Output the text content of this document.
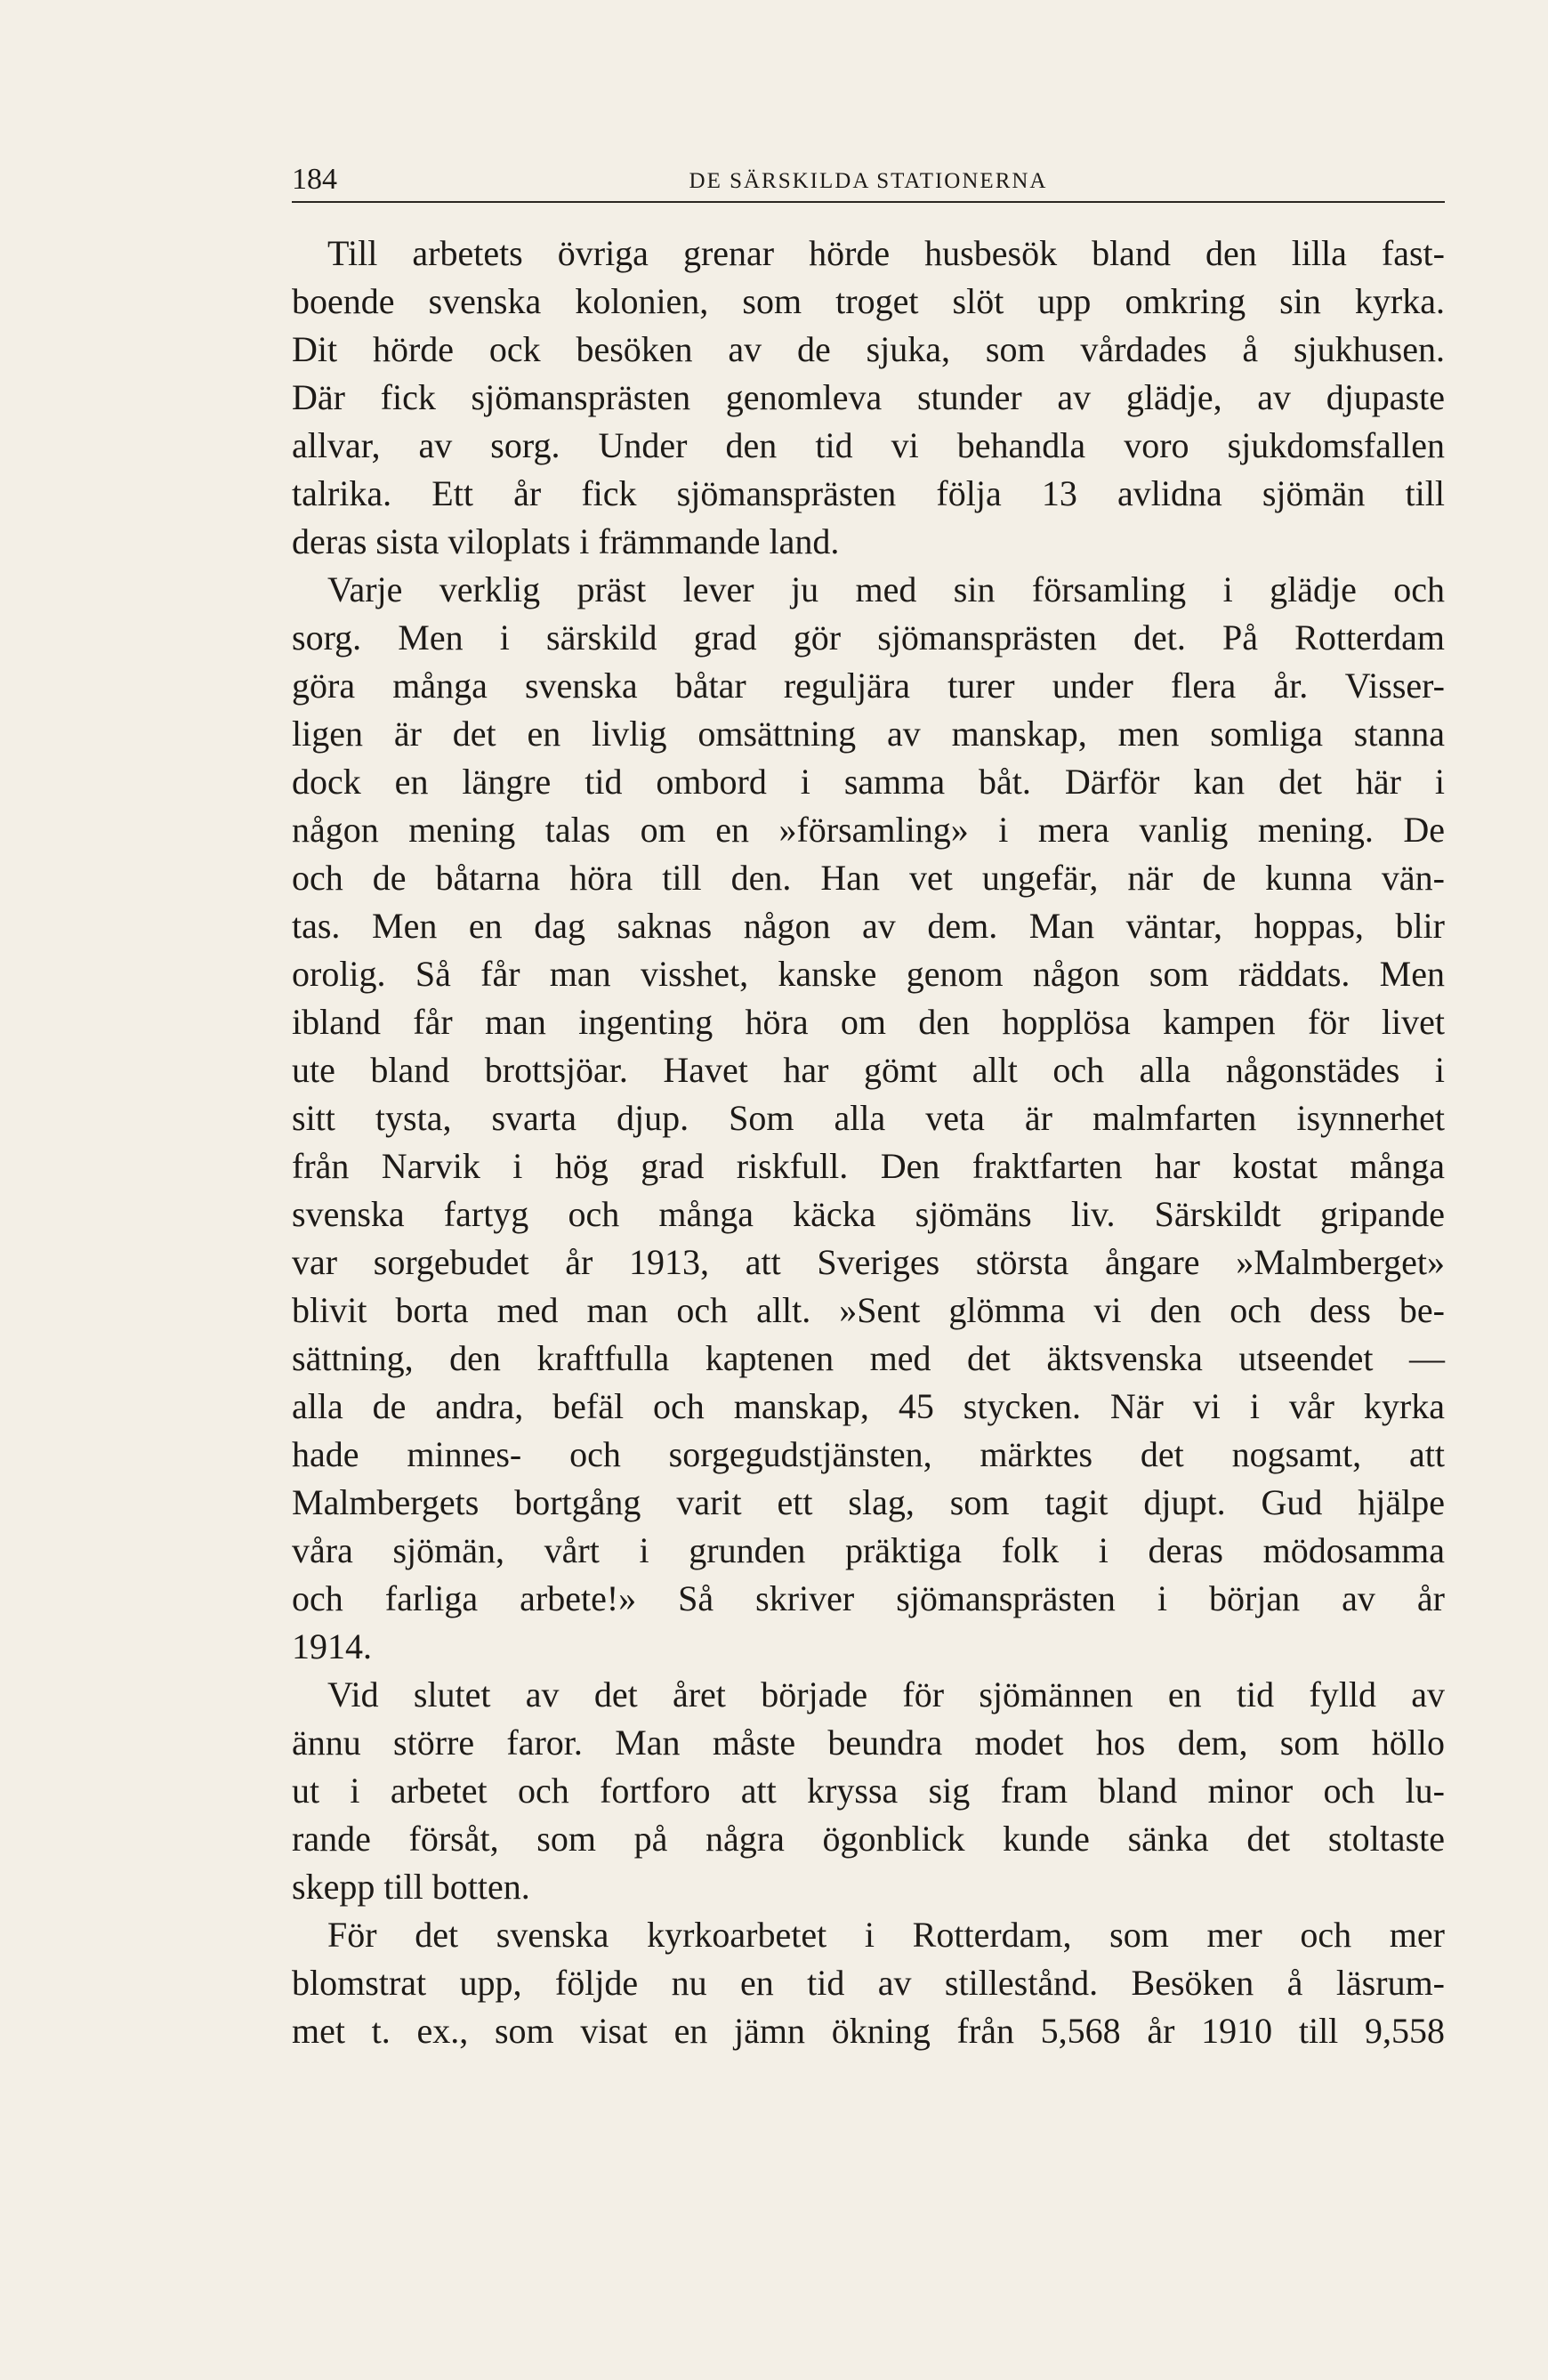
184	DE SÄRSKILDA STATIONERNA
Till arbetets övriga grenar hörde husbesök bland den lilla fast-
boende svenska kolonien, som troget slöt upp omkring sin kyrka.
Dit hörde ock besöken av de sjuka, som vårdades å sjukhusen.
Där fick sjömansprästen genomleva stunder av glädje, av djupaste
allvar, av sorg. Under den tid vi behandla voro sjukdomsfallen
talrika. Ett år fick sjömansprästen följa 13 avlidna sjömän till
deras sista viloplats i främmande land.
Varje verklig präst lever ju med sin församling i glädje och
sorg. Men i särskild grad gör sjömansprästen det. På Rotterdam
göra många svenska båtar reguljära turer under flera år. Visser-
ligen är det en livlig omsättning av manskap, men somliga stanna
dock en längre tid ombord i samma båt. Därför kan det här i
någon mening talas om en »församling» i mera vanlig mening. De
och de båtarna höra till den. Han vet ungefär, när de kunna vän-
tas. Men en dag saknas någon av dem. Man väntar, hoppas, blir
orolig. Så får man visshet, kanske genom någon som räddats. Men
ibland får man ingenting höra om den hopplösa kampen för livet
ute bland brottsjöar. Havet har gömt allt och alla någonstädes i
sitt tysta, svarta djup. Som alla veta är malmfarten isynnerhet
från Narvik i hög grad riskfull. Den fraktfarten har kostat många
svenska fartyg och många käcka sjömäns liv. Särskildt gripande
var sorgebudet år 1913, att Sveriges största ångare »Malmberget»
blivit borta med man och allt. »Sent glömma vi den och dess be-
sättning, den kraftfulla kaptenen med det äktsvenska utseendet —
alla de andra, befäl och manskap, 45 stycken. När vi i vår kyrka
hade minnes- och sorgegudstjänsten, märktes det nogsamt, att
Malmbergets bortgång varit ett slag, som tagit djupt. Gud hjälpe
våra sjömän, vårt i grunden präktiga folk i deras mödosamma
och farliga arbete!» Så skriver sjömansprästen i början av år
1914.
Vid slutet av det året började för sjömännen en tid fylld av
ännu större faror. Man måste beundra modet hos dem, som höllo
ut i arbetet och fortforo att kryssa sig fram bland minor och lu-
rande försåt, som på några ögonblick kunde sänka det stoltaste
skepp till botten.
För det svenska kyrkoarbetet i Rotterdam, som mer och mer
blomstrat upp, följde nu en tid av stillestånd. Besöken å läsrum-
met t. ex., som visat en jämn ökning från 5,568 år 1910 till 9,558
